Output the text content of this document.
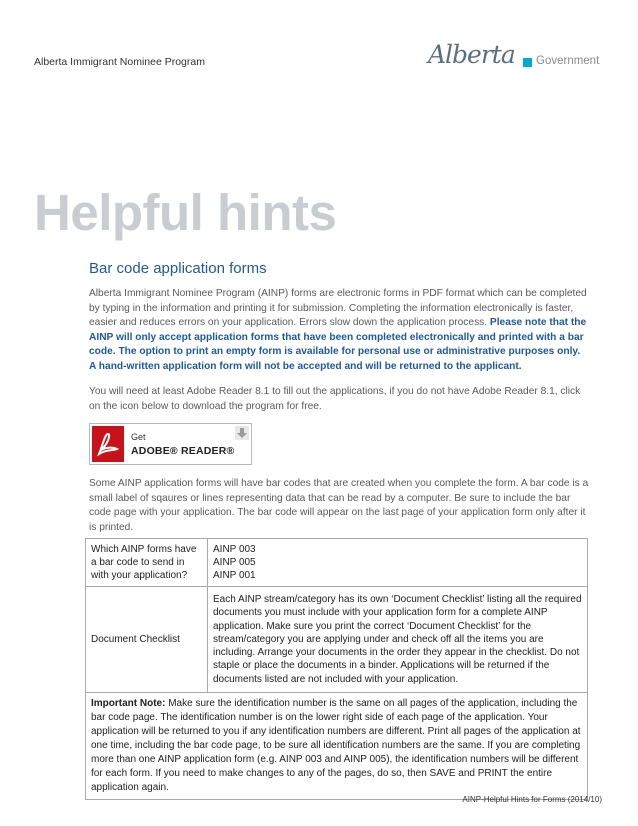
Alberta Immigrant Nominee Program	Alberta Government
Helpful hints
Bar code application forms
Alberta Immigrant Nominee Program (AINP) forms are electronic forms in PDF format which can be completed by typing in the information and printing it for submission. Completing the information electronically is faster, easier and reduces errors on your application. Errors slow down the application process. Please note that the AINP will only accept application forms that have been completed electronically and printed with a bar code. The option to print an empty form is available for personal use or administrative purposes only. A hand-written application form will not be accepted and will be returned to the applicant.
You will need at least Adobe Reader 8.1 to fill out the applications, if you do not have Adobe Reader 8.1, click on the icon below to download the program for free.
Get
ADOBE® READER®
Some AINP application forms will have bar codes that are created when you complete the form. A bar code is a small label of sqaures or lines representing data that can be read by a computer. Be sure to include the bar code page with your application. The bar code will appear on the last page of your application form only after it is printed.
Which AINP forms have a bar code to send in with your application?	AINP 003
AINP 005
AINP 001

Document Checklist	Each AINP stream/category has its own ‘Document Checklist’ listing all the required documents you must include with your application form for a complete AINP application. Make sure you print the correct ‘Document Checklist’ for the stream/category you are applying under and check off all the items you are including. Arrange your documents in the order they appear in the checklist. Do not staple or place the documents in a binder. Applications will be returned if the documents listed are not included with your application.
Important Note: Make sure the identification number is the same on all pages of the application, including the bar code page. The identification number is on the lower right side of each page of the application. Your application will be returned to you if any identification numbers are different. Print all pages of the application at one time, including the bar code page, to be sure all identification numbers are the same. If you are completing more than one AINP application form (e.g. AINP 003 and AINP 005), the identification numbers will be different for each form. If you need to make changes to any of the pages, do so, then SAVE and PRINT the entire application again.	
AINP-Helpful Hints for Forms (2014/10)
